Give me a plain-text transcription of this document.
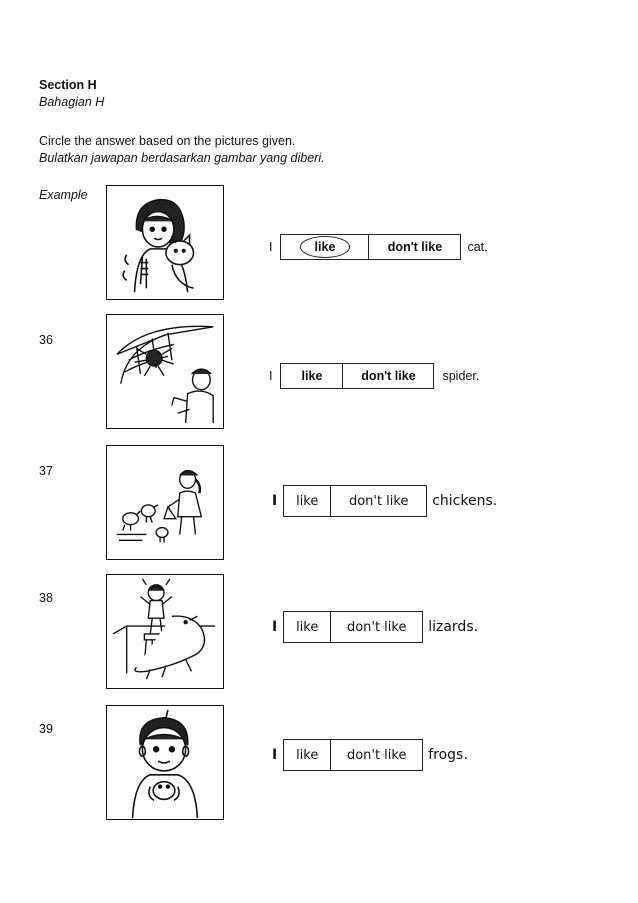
Section H
Bahagian H
Circle the answer based on the pictures given.
Bulatkan jawapan berdasarkan gambar yang diberi.
Example
I	like	don't like	cat.
36
I	like	don't like	spider.
37
I	like	don't like	chickens.
38
I	like	don't like	lizards.
39
I	like	don't like	frogs.
